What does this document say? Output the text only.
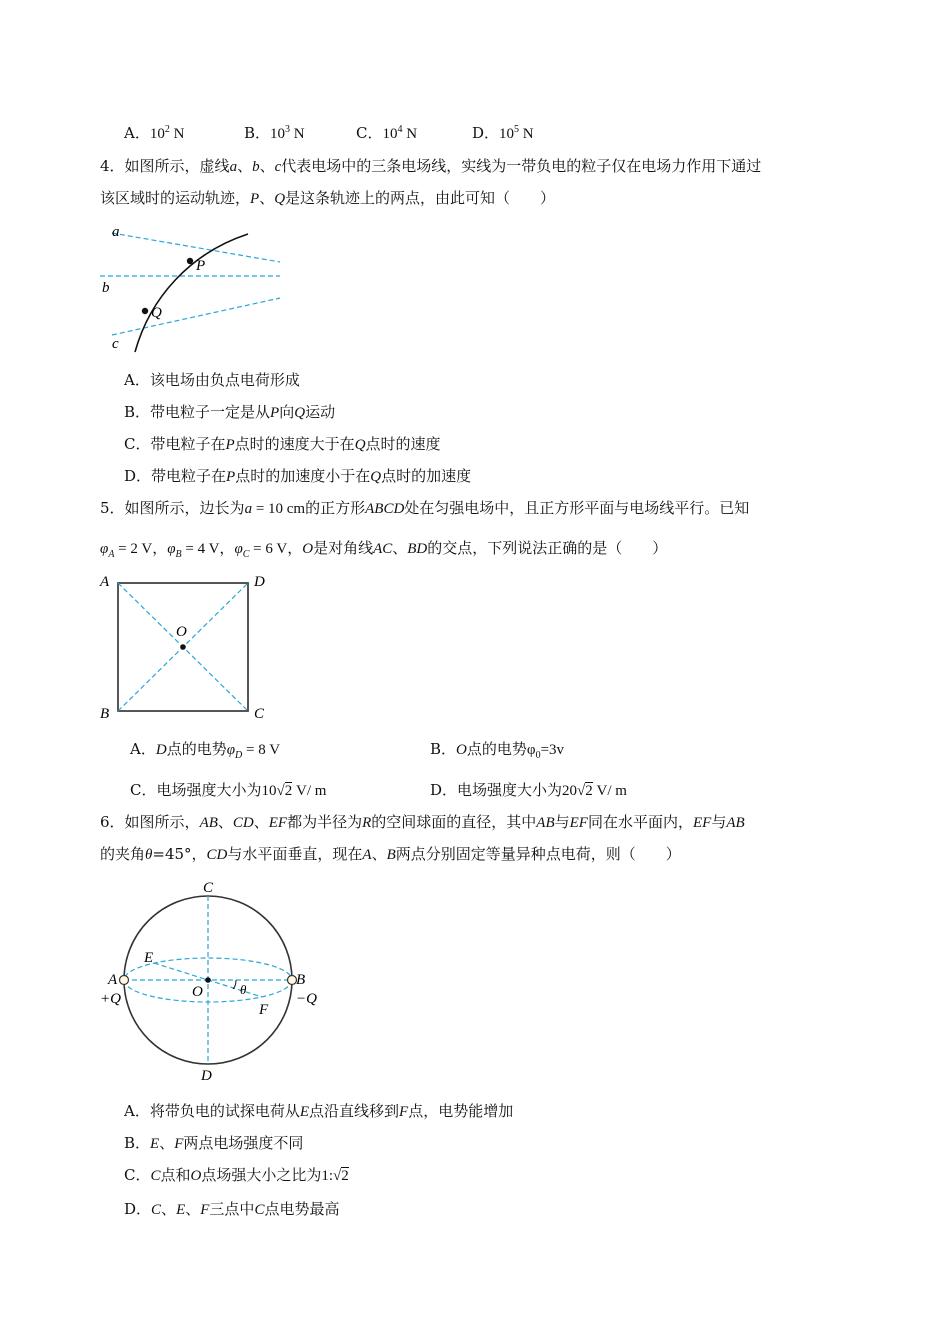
A．$10^2$ N	B．$10^3$ N	C．$10^4$ N	D．$10^5$ N
4．如图所示，虚线a、b、c代表电场中的三条电场线，实线为一带负电的粒子仅在电场力作用下通过
该区域时的运动轨迹，P、Q是这条轨迹上的两点，由此可知（　　）
a
b
c
P
Q
A．该电场由负点电荷形成
B．带电粒子一定是从P向Q运动
C．带电粒子在P点时的速度大于在Q点时的速度
D．带电粒子在P点时的加速度小于在Q点时的加速度
5．如图所示，边长为a = 10 cm的正方形ABCD处在匀强电场中，且正方形平面与电场线平行。已知
$\varphi_A = 2$ V，$\varphi_B = 4$ V，$\varphi_C = 6$ V，O是对角线AC、BD的交点，下列说法正确的是（　　）
A	D
B	C
O
A．D点的电势$\varphi_D = 8$ V	B．O点的电势$\varphi_0=3v$
C．电场强度大小为10√2 V/ m	D．电场强度大小为20√2 V/ m
6．如图所示，AB、CD、EF都为半径为R的空间球面的直径，其中AB与EF同在水平面内，EF与AB
的夹角θ=45°，CD与水平面垂直，现在A、B两点分别固定等量异种点电荷，则（　　）
C
D
E
F
A	B
O	θ
+Q	−Q
A．将带负电的试探电荷从E点沿直线移到F点，电势能增加
B．E、F两点电场强度不同
C．C点和O点场强大小之比为1:√2
D．C、E、F三点中C点电势最高
